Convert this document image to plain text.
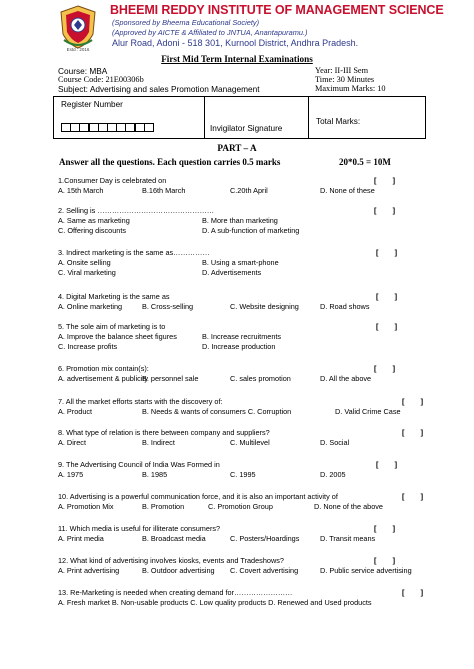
Estd : 2016
BHEEMI REDDY INSTITUTE OF MANAGEMENT SCIENCE
(Sponsored by Bheema Educational Society)
(Approved by AICTE & Affiliated to JNTUA, Anantapuramu.)
Alur Road, Adoni - 518 301, Kurnool District, Andhra Pradesh.
First Mid Term Internal Examinations
Course: MBA
Course Code: 21E00306b
Subject: Advertising and sales Promotion Management
Year: II-III Sem
Time: 30 Minutes
Maximum Marks: 10
Register Number
Invigilator Signature
Total Marks:
PART – A
Answer all the questions. Each question carries 0.5 marks	20*0.5 = 10M
1.Consumer Day is celebrated on	[        ]
A. 15th March	B.16th March	C.20th April	D. None of these
2. Selling is …………………………………………	[        ]
A. Same as marketing	B. More than marketing
C. Offering discounts	D. A sub-function of marketing
3. Indirect marketing is the same as……………	[        ]
A. Onsite selling	B. Using a smart-phone
C. Viral marketing	D. Advertisements
4. Digital Marketing is the same as	[        ]
A. Online marketing	B. Cross-selling	C. Website designing	D. Road shows
5. The sole aim of marketing is to	[        ]
A. Improve the balance sheet figures	B. Increase recruitments
C. Increase profits	D. Increase production
6. Promotion mix contain(s):	[        ]
A. advertisement & publicity
B. personnel sale	C. sales promotion	D. All the above
7. All the market efforts starts with the discovery of:	[        ]
A. Product	B. Needs & wants of consumers C. Corruption	D. Valid Crime Case
8. What type of relation is there between company and suppliers?	[        ]
A. Direct	B. Indirect	C. Multilevel	D. Social
9. The Advertising Council of India Was Formed in	[        ]
A. 1975	B. 1985	C. 1995	D. 2005
10. Advertising is a powerful communication force, and it is also an important activity of	[        ]
A. Promotion Mix	B. Promotion	C. Promotion Group	D. None of the above
11. Which media is useful for illiterate consumers?	[        ]
A. Print media	B. Broadcast media	C. Posters/Hoardings	D. Transit means
12. What kind of advertising involves kiosks, events and Tradeshows?	[        ]
A. Print advertising	B. Outdoor advertising C. Covert advertising	D. Public service advertising
13. Re-Marketing is needed when creating demand for……………………	[        ]
A. Fresh market B. Non-usable products C. Low quality products D. Renewed and Used products
